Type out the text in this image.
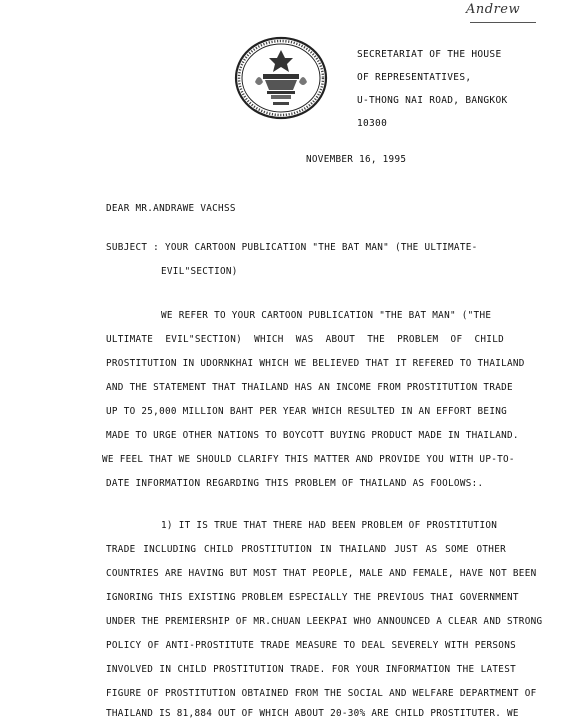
Andrew
SECRETARIAT OF THE HOUSE
OF REPRESENTATIVES,
U-THONG NAI ROAD, BANGKOK
10300
NOVEMBER 16, 1995
DEAR MR.ANDRAWE VACHSS
SUBJECT : YOUR CARTOON PUBLICATION "THE BAT MAN" (THE ULTIMATE-
EVIL"SECTION)
WE REFER TO YOUR CARTOON PUBLICATION "THE BAT MAN" ("THE
ULTIMATE EVIL"SECTION) WHICH WAS ABOUT THE PROBLEM OF CHILD
PROSTITUTION IN UDORNKHAI WHICH WE BELIEVED THAT IT REFERED TO THAILAND
AND THE STATEMENT THAT THAILAND HAS AN INCOME FROM PROSTITUTION TRADE
UP TO 25,000 MILLION BAHT PER YEAR WHICH RESULTED IN AN EFFORT BEING
MADE TO URGE OTHER NATIONS TO BOYCOTT BUYING PRODUCT MADE IN THAILAND.
WE FEEL THAT WE SHOULD CLARIFY THIS MATTER AND PROVIDE YOU WITH UP-TO-
DATE INFORMATION REGARDING THIS PROBLEM OF THAILAND AS FOOLOWS:.
1) IT IS TRUE THAT THERE HAD BEEN PROBLEM OF PROSTITUTION
TRADE INCLUDING CHILD PROSTITUTION IN THAILAND JUST AS SOME OTHER
COUNTRIES ARE HAVING BUT MOST THAT PEOPLE, MALE AND FEMALE, HAVE NOT BEEN
IGNORING THIS EXISTING PROBLEM ESPECIALLY THE PREVIOUS THAI GOVERNMENT
UNDER THE PREMIERSHIP OF MR.CHUAN LEEKPAI WHO ANNOUNCED A CLEAR AND STRONG
POLICY OF ANTI-PROSTITUTE TRADE MEASURE TO DEAL SEVERELY WITH PERSONS
INVOLVED IN CHILD PROSTITUTION TRADE. FOR YOUR INFORMATION THE LATEST
FIGURE OF PROSTITUTION OBTAINED FROM THE SOCIAL AND WELFARE DEPARTMENT OF
THAILAND IS 81,884 OUT OF WHICH ABOUT 20-30% ARE CHILD PROSTITUTER. WE
